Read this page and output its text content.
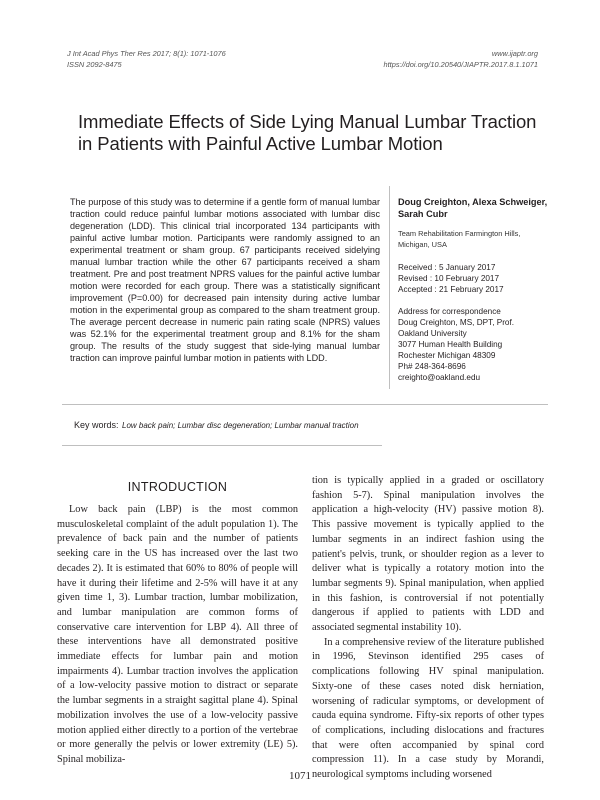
J Int Acad Phys Ther Res 2017; 8(1): 1071-1076
ISSN 2092-8475
www.ijaptr.org
https://doi.org/10.20540/JIAPTR.2017.8.1.1071
Immediate Effects of Side Lying Manual Lumbar Traction in Patients with Painful Active Lumbar Motion
The purpose of this study was to determine if a gentle form of manual lumbar traction could reduce painful lumbar motions associated with lumbar disc degeneration (LDD). This clinical trial incorporated 134 participants with painful active lumbar motion. Participants were randomly assigned to an experimental treatment or sham group. 67 participants received sidelying manual lumbar traction while the other 67 participants received a sham treatment. Pre and post treatment NPRS values for the painful active lumbar motion were recorded for each group. There was a statistically significant improvement (P=0.00) for decreased pain intensity during active lumbar motion in the experimental group as compared to the sham treatment group. The average percent decrease in numeric pain rating scale (NPRS) values was 52.1% for the experimental treatment group and 8.1% for the sham group. The results of the study suggest that side-lying manual lumbar traction can improve painful lumbar motion in patients with LDD.
Doug Creighton, Alexa Schweiger, Sarah Cubr
Team Rehabilitation Farmington Hills, Michigan, USA
Received : 5 January 2017
Revised : 10 February 2017
Accepted : 21 February 2017
Address for correspondence
Doug Creighton, MS, DPT, Prof.
Oakland University
3077 Human Health Building
Rochester Michigan 48309
Ph# 248-364-8696
creighto@oakland.edu
Key words: Low back pain; Lumbar disc degeneration; Lumbar manual traction
INTRODUCTION
Low back pain (LBP) is the most common musculoskeletal complaint of the adult population 1). The prevalence of back pain and the number of patients seeking care in the US has increased over the last two decades 2). It is estimated that 60% to 80% of people will have it during their lifetime and 2-5% will have it at any given time 1, 3). Lumbar traction, lumbar mobilization, and lumbar manipulation are common forms of conservative care intervention for LBP 4). All three of these interventions have all demonstrated positive immediate effects for lumbar pain and motion impairments 4). Lumbar traction involves the application of a low-velocity passive motion to distract or separate the lumbar segments in a straight sagittal plane 4). Spinal mobilization involves the use of a low-velocity passive motion applied either directly to a portion of the vertebrae or more generally the pelvis or lower extremity (LE) 5). Spinal mobiliza-
tion is typically applied in a graded or oscillatory fashion 5-7). Spinal manipulation involves the application a high-velocity (HV) passive motion 8). This passive movement is typically applied to the lumbar segments in an indirect fashion using the patient's pelvis, trunk, or shoulder region as a lever to deliver what is typically a rotatory motion into the lumbar segments 9). Spinal manipulation, when applied in this fashion, is controversial if not potentially dangerous if applied to patients with LDD and associated segmental instability 10).
In a comprehensive review of the literature published in 1996, Stevinson identified 295 cases of complications following HV spinal manipulation. Sixty-one of these cases noted disk herniation, worsening of radicular symptoms, or development of cauda equina syndrome. Fifty-six reports of other types of complications, including dislocations and fractures that were often accompanied by spinal cord compression 11). In a case study by Morandi, neurological symptoms including worsened
1071
